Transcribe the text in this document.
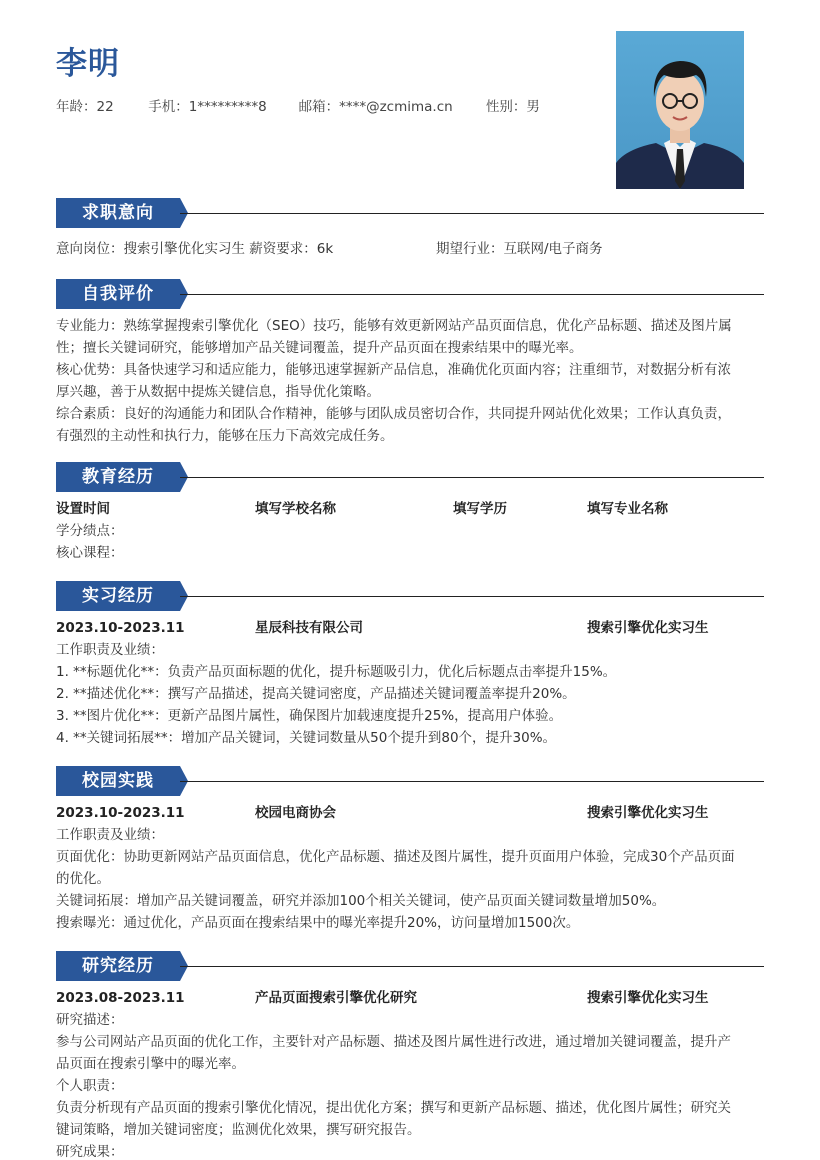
李明
年龄：22	手机：1*********8 邮箱：****@zcmima.cn 性别：男
求职意向
意向岗位：搜索引擎优化实习生 薪资要求：6k	期望行业：互联网/电子商务
自我评价
专业能力：熟练掌握搜索引擎优化（SEO）技巧，能够有效更新网站产品页面信息，优化产品标题、描述及图片属
性；擅长关键词研究，能够增加产品关键词覆盖，提升产品页面在搜索结果中的曝光率。
核心优势：具备快速学习和适应能力，能够迅速掌握新产品信息，准确优化页面内容；注重细节，对数据分析有浓
厚兴趣，善于从数据中提炼关键信息，指导优化策略。
综合素质：良好的沟通能力和团队合作精神，能够与团队成员密切合作，共同提升网站优化效果；工作认真负责，
有强烈的主动性和执行力，能够在压力下高效完成任务。
教育经历
设置时间	填写学校名称	填写学历	填写专业名称
学分绩点：
核心课程：
实习经历
2023.10-2023.11	星辰科技有限公司	搜索引擎优化实习生
工作职责及业绩：
1. **标题优化**：负责产品页面标题的优化，提升标题吸引力，优化后标题点击率提升15%。
2. **描述优化**：撰写产品描述，提高关键词密度，产品描述关键词覆盖率提升20%。
3. **图片优化**：更新产品图片属性，确保图片加载速度提升25%，提高用户体验。
4. **关键词拓展**：增加产品关键词，关键词数量从50个提升到80个，提升30%。
校园实践
2023.10-2023.11	校园电商协会	搜索引擎优化实习生
工作职责及业绩：
页面优化：协助更新网站产品页面信息，优化产品标题、描述及图片属性，提升页面用户体验，完成30个产品页面
的优化。
关键词拓展：增加产品关键词覆盖，研究并添加100个相关关键词，使产品页面关键词数量增加50%。
搜索曝光：通过优化，产品页面在搜索结果中的曝光率提升20%，访问量增加1500次。
研究经历
2023.08-2023.11	产品页面搜索引擎优化研究	搜索引擎优化实习生
研究描述：
参与公司网站产品页面的优化工作，主要针对产品标题、描述及图片属性进行改进，通过增加关键词覆盖，提升产
品页面在搜索引擎中的曝光率。
个人职责：
负责分析现有产品页面的搜索引擎优化情况，提出优化方案；撰写和更新产品标题、描述，优化图片属性；研究关
键词策略，增加关键词密度；监测优化效果，撰写研究报告。
研究成果：
